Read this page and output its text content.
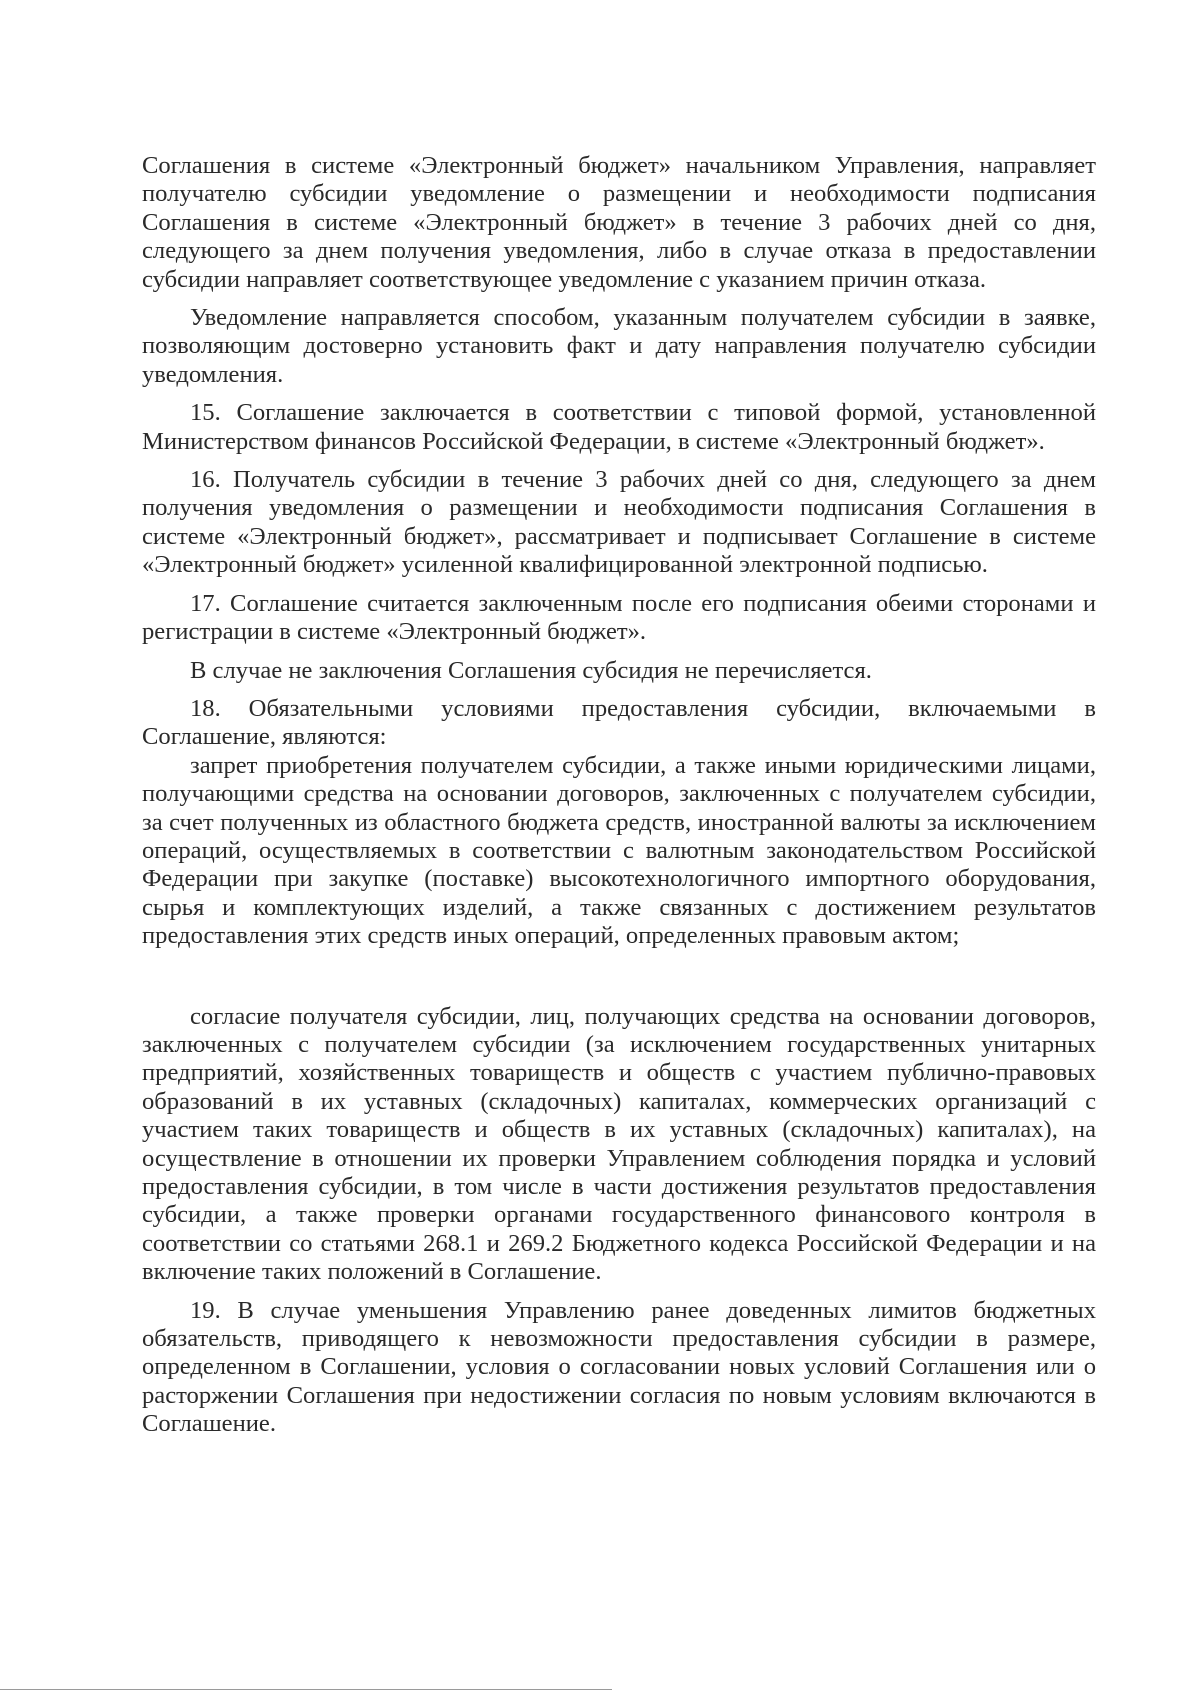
Соглашения в системе «Электронный бюджет» начальником Управления, направляет получателю субсидии уведомление о размещении и необходимости подписания Соглашения в системе «Электронный бюджет» в течение 3 рабочих дней со дня, следующего за днем получения уведомления, либо в случае отказа в предоставлении субсидии направляет соответствующее уведомление с указанием причин отказа.

Уведомление направляется способом, указанным получателем субсидии в заявке, позволяющим достоверно установить факт и дату направления получателю субсидии уведомления.

15. Соглашение заключается в соответствии с типовой формой, установленной Министерством финансов Российской Федерации, в системе «Электронный бюджет».

16. Получатель субсидии в течение 3 рабочих дней со дня, следующего за днем получения уведомления о размещении и необходимости подписания Соглашения в системе «Электронный бюджет», рассматривает и подписывает Соглашение в системе «Электронный бюджет» усиленной квалифицированной электронной подписью.

17. Соглашение считается заключенным после его подписания обеими сторонами и регистрации в системе «Электронный бюджет».

В случае не заключения Соглашения субсидия не перечисляется.

18. Обязательными условиями предоставления субсидии, включаемыми в Соглашение, являются:

запрет приобретения получателем субсидии, а также иными юридическими лицами, получающими средства на основании договоров, заключенных с получателем субсидии, за счет полученных из областного бюджета средств, иностранной валюты за исключением операций, осуществляемых в соответствии с валютным законодательством Российской Федерации при закупке (поставке) высокотехнологичного импортного оборудования, сырья и комплектующих изделий, а также связанных с достижением результатов предоставления этих средств иных операций, определенных правовым актом;

согласие получателя субсидии, лиц, получающих средства на основании договоров, заключенных с получателем субсидии (за исключением государственных унитарных предприятий, хозяйственных товариществ и обществ с участием публично-правовых образований в их уставных (складочных) капиталах, коммерческих организаций с участием таких товариществ и обществ в их уставных (складочных) капиталах), на осуществление в отношении их проверки Управлением соблюдения порядка и условий предоставления субсидии, в том числе в части достижения результатов предоставления субсидии, а также проверки органами государственного финансового контроля в соответствии со статьями 268.1 и 269.2 Бюджетного кодекса Российской Федерации и на включение таких положений в Соглашение.

19. В случае уменьшения Управлению ранее доведенных лимитов бюджетных обязательств, приводящего к невозможности предоставления субсидии в размере, определенном в Соглашении, условия о согласовании новых условий Соглашения или о расторжении Соглашения при недостижении согласия по новым условиям включаются в Соглашение.
